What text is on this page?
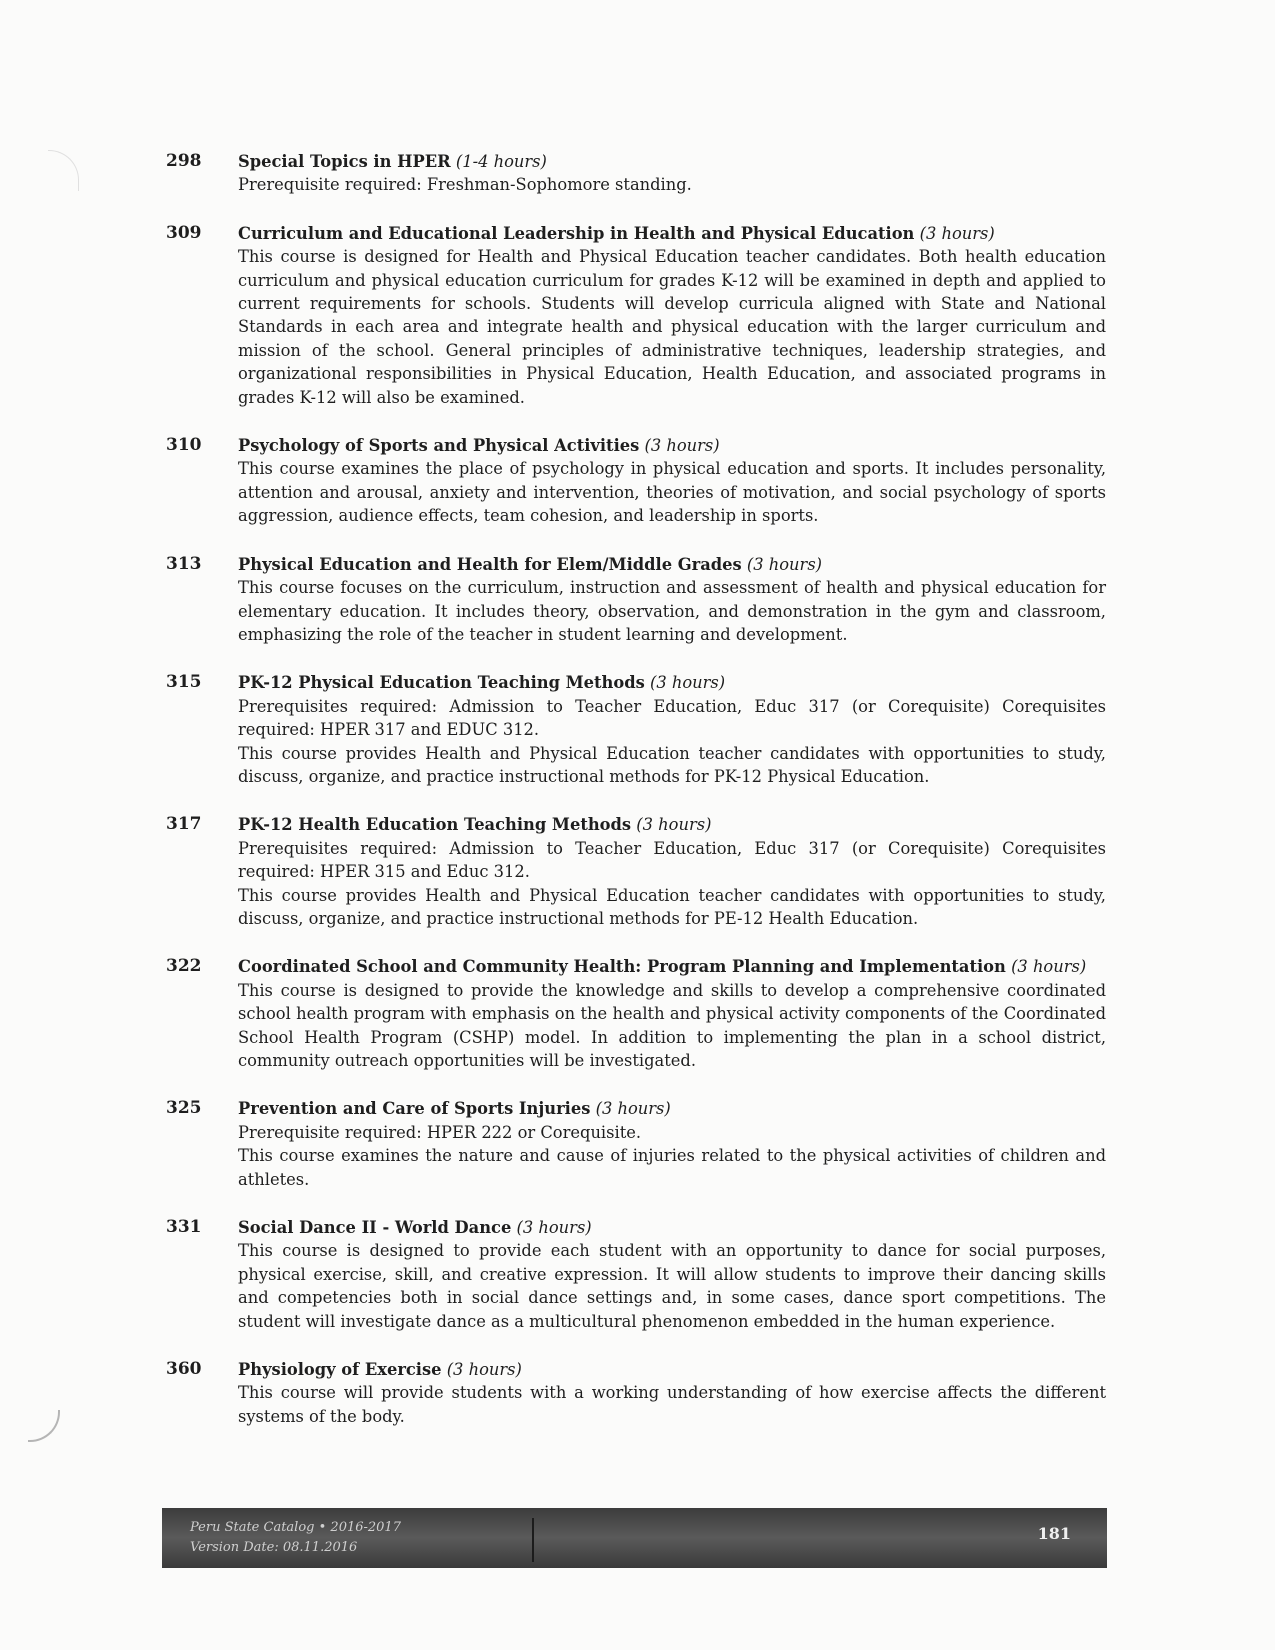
298	Special Topics in HPER (1-4 hours)
Prerequisite required: Freshman-Sophomore standing.
309	Curriculum and Educational Leadership in Health and Physical Education (3 hours)
This course is designed for Health and Physical Education teacher candidates. Both health education curriculum and physical education curriculum for grades K-12 will be examined in depth and applied to current requirements for schools. Students will develop curricula aligned with State and National Standards in each area and integrate health and physical education with the larger curriculum and mission of the school. General principles of administrative techniques, leadership strategies, and organizational responsibilities in Physical Education, Health Education, and associated programs in grades K-12 will also be examined.
310	Psychology of Sports and Physical Activities (3 hours)
This course examines the place of psychology in physical education and sports. It includes personality, attention and arousal, anxiety and intervention, theories of motivation, and social psychology of sports aggression, audience effects, team cohesion, and leadership in sports.
313	Physical Education and Health for Elem/Middle Grades (3 hours)
This course focuses on the curriculum, instruction and assessment of health and physical education for elementary education. It includes theory, observation, and demonstration in the gym and classroom, emphasizing the role of the teacher in student learning and development.
315	PK-12 Physical Education Teaching Methods (3 hours)
Prerequisites required: Admission to Teacher Education, Educ 317 (or Corequisite) Corequisites required: HPER 317 and EDUC 312.
This course provides Health and Physical Education teacher candidates with opportunities to study, discuss, organize, and practice instructional methods for PK-12 Physical Education.
317	PK-12 Health Education Teaching Methods (3 hours)
Prerequisites required: Admission to Teacher Education, Educ 317 (or Corequisite) Corequisites required: HPER 315 and Educ 312.
This course provides Health and Physical Education teacher candidates with opportunities to study, discuss, organize, and practice instructional methods for PE-12 Health Education.
322	Coordinated School and Community Health: Program Planning and Implementation (3 hours)
This course is designed to provide the knowledge and skills to develop a comprehensive coordinated school health program with emphasis on the health and physical activity components of the Coordinated School Health Program (CSHP) model. In addition to implementing the plan in a school district, community outreach opportunities will be investigated.
325	Prevention and Care of Sports Injuries (3 hours)
Prerequisite required: HPER 222 or Corequisite.
This course examines the nature and cause of injuries related to the physical activities of children and athletes.
331	Social Dance II - World Dance (3 hours)
This course is designed to provide each student with an opportunity to dance for social purposes, physical exercise, skill, and creative expression. It will allow students to improve their dancing skills and competencies both in social dance settings and, in some cases, dance sport competitions. The student will investigate dance as a multicultural phenomenon embedded in the human experience.
360	Physiology of Exercise (3 hours)
This course will provide students with a working understanding of how exercise affects the different systems of the body.
Peru State Catalog • 2016-2017
Version Date: 08.11.2016
181
